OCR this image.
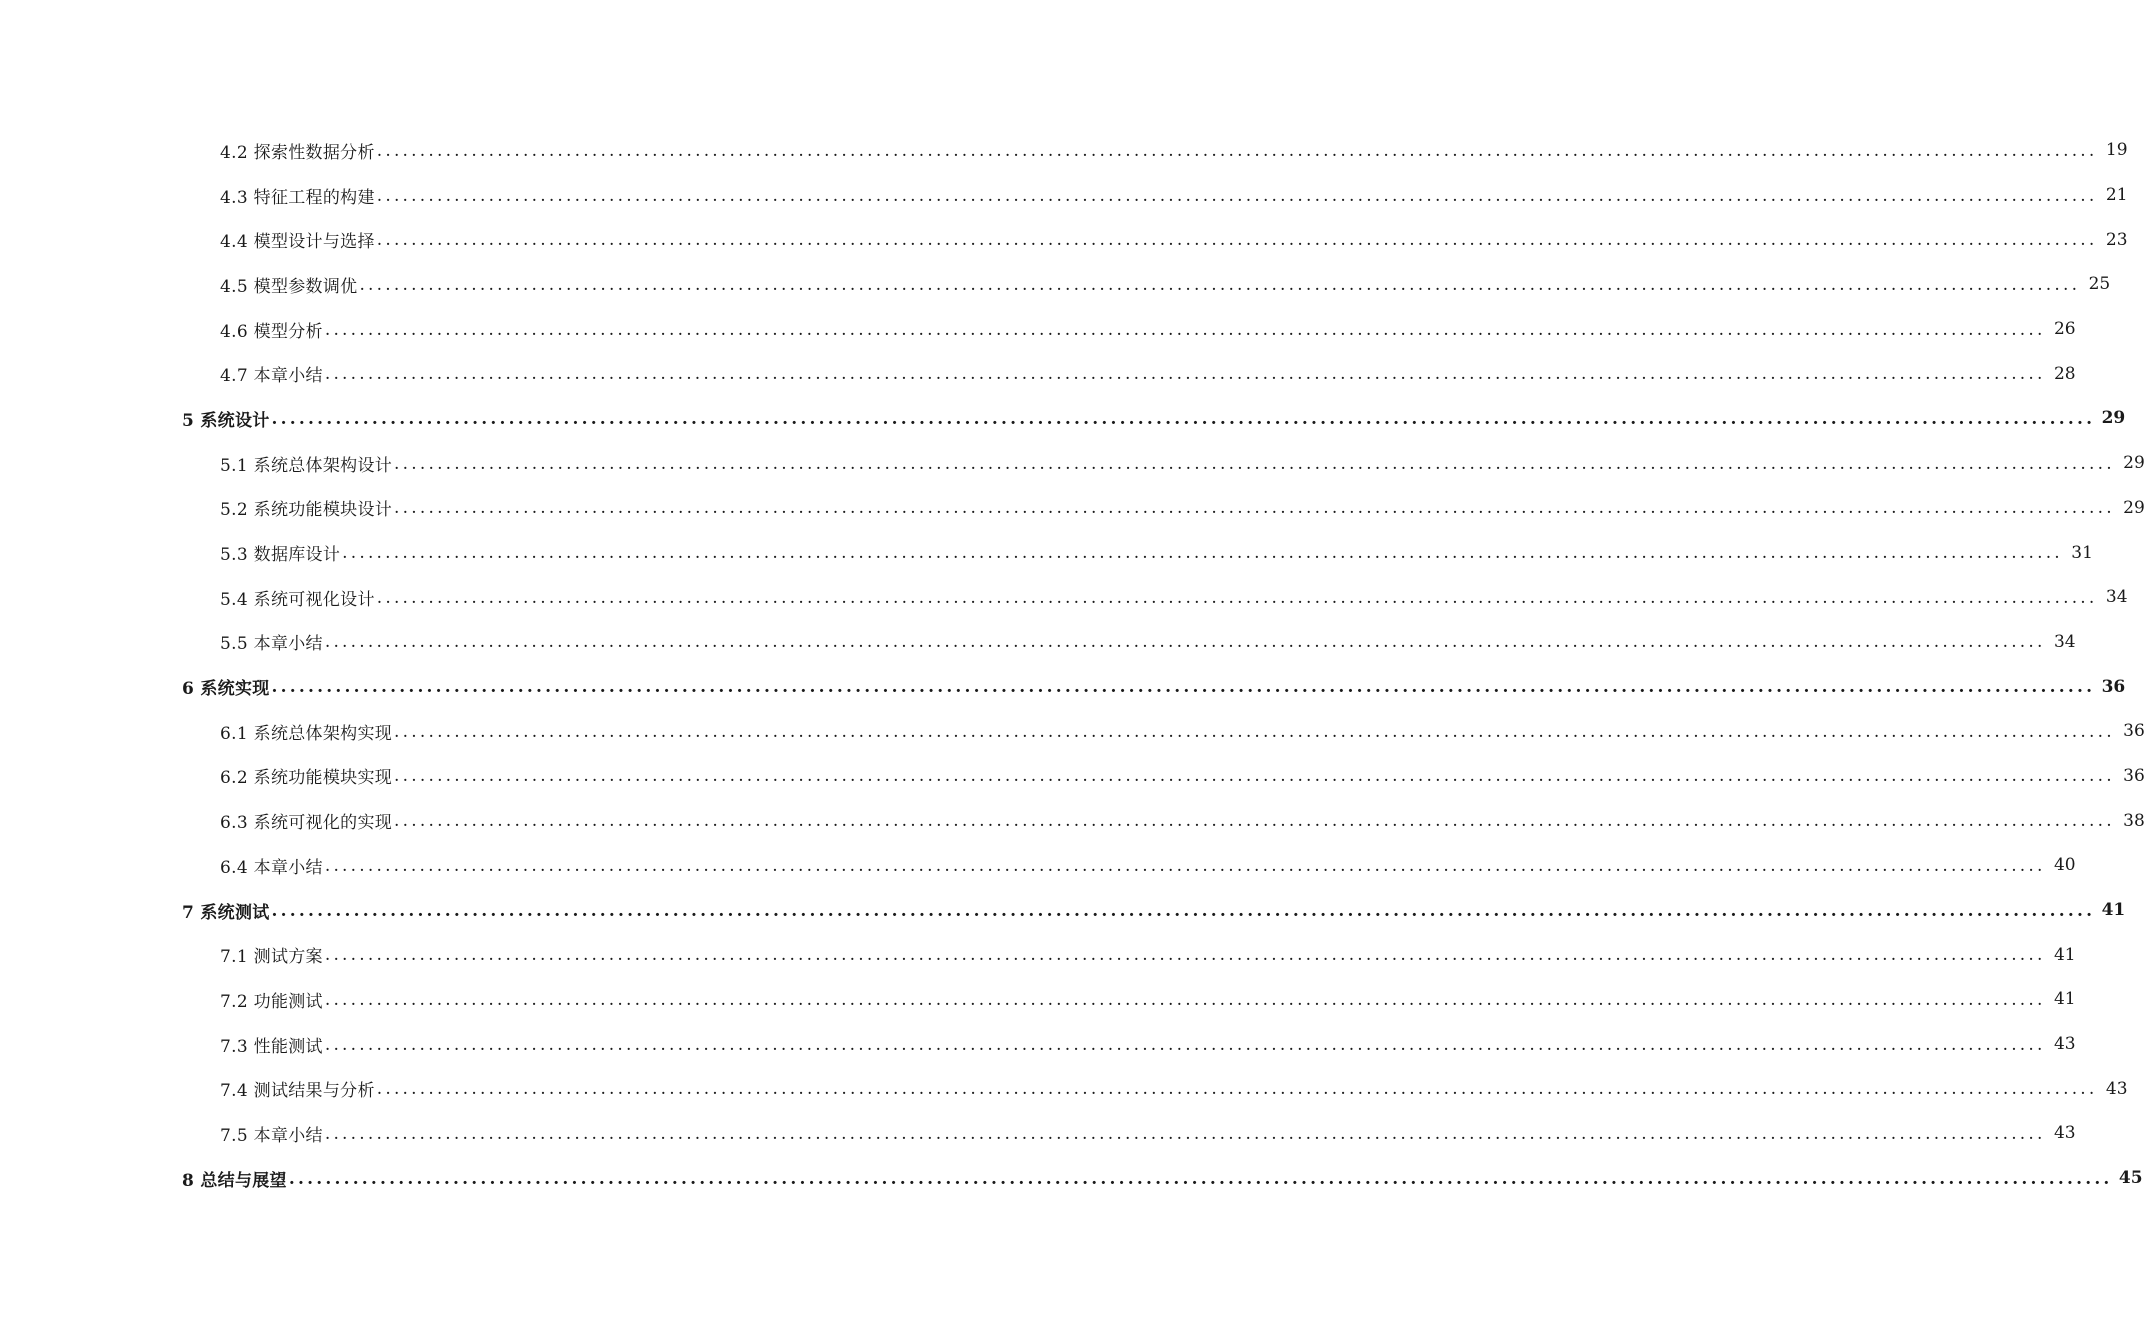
4.2 探索性数据分析 ........................................................................................................................................................................................................ 19
4.3 特征工程的构建 ........................................................................................................................................................................................................ 21
4.4 模型设计与选择 ........................................................................................................................................................................................................ 23
4.5 模型参数调优 ........................................................................................................................................................................................................ 25
4.6 模型分析 ........................................................................................................................................................................................................ 26
4.7 本章小结 ........................................................................................................................................................................................................ 28
5 系统设计 ........................................................................................................................................................................................................ 29
5.1 系统总体架构设计 ........................................................................................................................................................................................................ 29
5.2 系统功能模块设计 ........................................................................................................................................................................................................ 29
5.3 数据库设计 ........................................................................................................................................................................................................ 31
5.4 系统可视化设计 ........................................................................................................................................................................................................ 34
5.5 本章小结 ........................................................................................................................................................................................................ 34
6 系统实现 ........................................................................................................................................................................................................ 36
6.1 系统总体架构实现 ........................................................................................................................................................................................................ 36
6.2 系统功能模块实现 ........................................................................................................................................................................................................ 36
6.3 系统可视化的实现 ........................................................................................................................................................................................................ 38
6.4 本章小结 ........................................................................................................................................................................................................ 40
7 系统测试 ........................................................................................................................................................................................................ 41
7.1 测试方案 ........................................................................................................................................................................................................ 41
7.2 功能测试 ........................................................................................................................................................................................................ 41
7.3 性能测试 ........................................................................................................................................................................................................ 43
7.4 测试结果与分析 ........................................................................................................................................................................................................ 43
7.5 本章小结 ........................................................................................................................................................................................................ 43
8 总结与展望 ........................................................................................................................................................................................................ 45
